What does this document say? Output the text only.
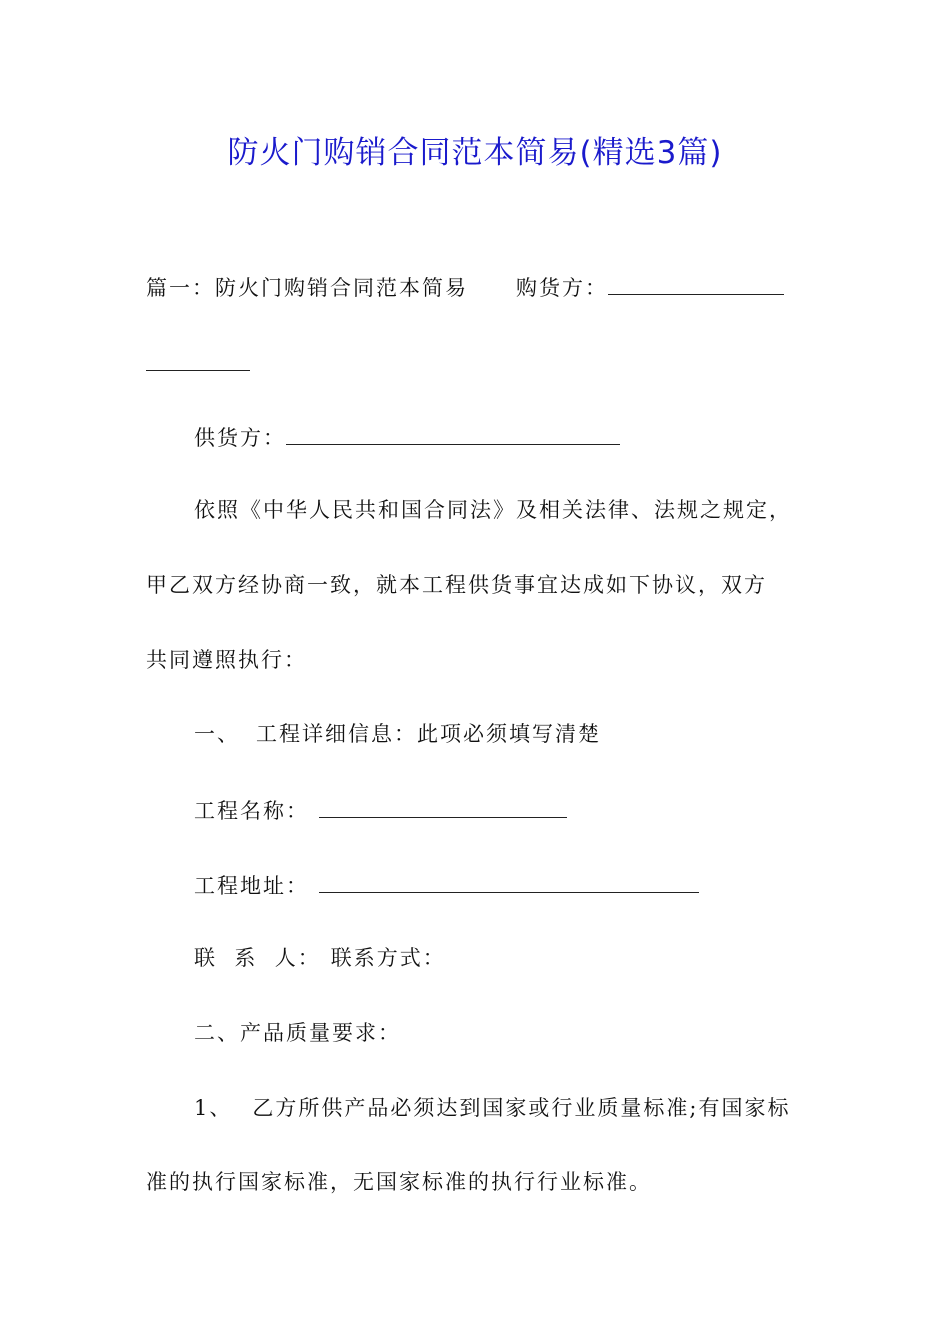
防火门购销合同范本简易(精选3篇)
篇一：防火门购销合同范本简易 购货方：
供货方：
依照《中华人民共和国合同法》及相关法律、法规之规定，
甲乙双方经协商一致，就本工程供货事宜达成如下协议，双方
共同遵照执行：
一、 工程详细信息：此项必须填写清楚
工程名称：
工程地址：
联  系  人： 联系方式：
二、产品质量要求：
1、 乙方所供产品必须达到国家或行业质量标准;有国家标
准的执行国家标准，无国家标准的执行行业标准。
